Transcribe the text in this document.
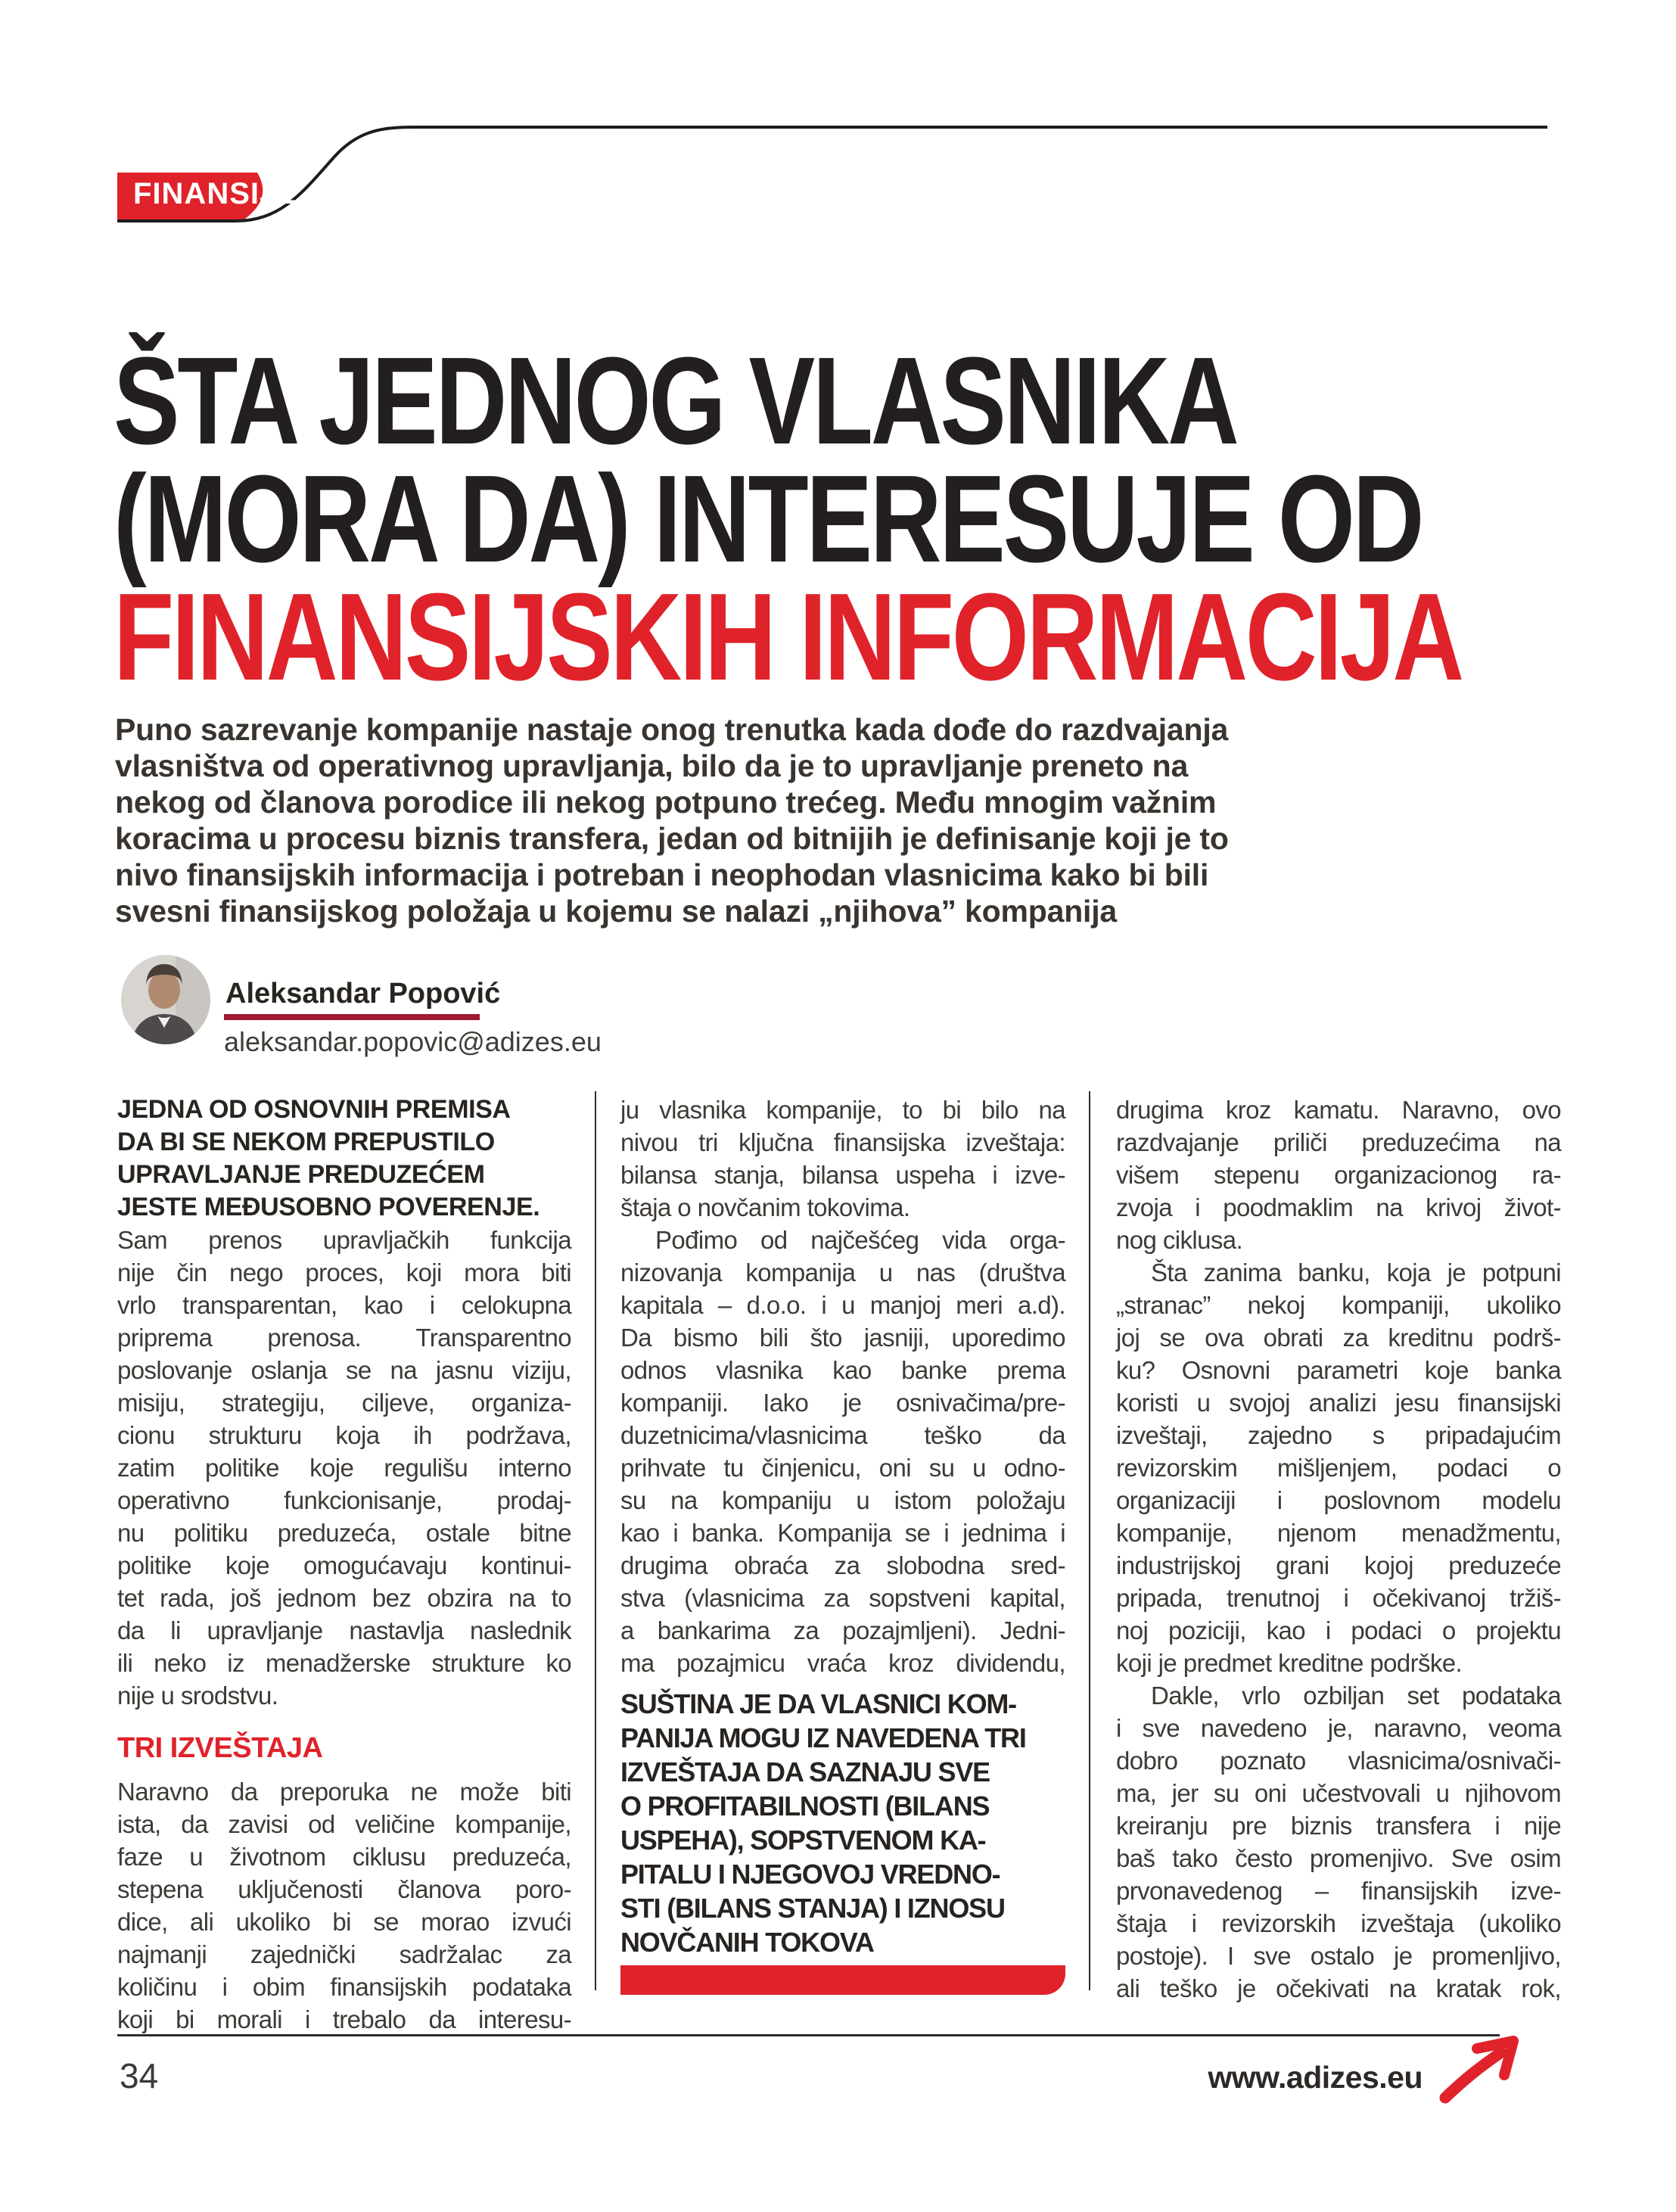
FINANSIJE
ŠTA JEDNOG VLASNIKA
(MORA DA) INTERESUJE OD
FINANSIJSKIH INFORMACIJA
Puno sazrevanje kompanije nastaje onog trenutka kada dođe do razdvajanja
vlasništva od operativnog upravljanja, bilo da je to upravljanje preneto na
nekog od članova porodice ili nekog potpuno trećeg. Među mnogim važnim
koracima u procesu biznis transfera, jedan od bitnijih je definisanje koji je to
nivo finansijskih informacija i potreban i neophodan vlasnicima kako bi bili
svesni finansijskog položaja u kojemu se nalazi „njihova” kompanija
Aleksandar Popović
aleksandar.popovic@adizes.eu
JEDNA OD OSNOVNIH PREMISA
DA BI SE NEKOM PREPUSTILO
UPRAVLJANJE PREDUZEĆEM
JESTE MEĐUSOBNO POVERENJE.
Sam prenos upravljačkih funkcija
nije čin nego proces, koji mora biti
vrlo transparentan, kao i celokupna
priprema prenosa. Transparentno
poslovanje oslanja se na jasnu viziju,
misiju, strategiju, ciljeve, organiza-
cionu strukturu koja ih podržava,
zatim politike koje regulišu interno
operativno funkcionisanje, prodaj-
nu politiku preduzeća, ostale bitne
politike koje omogućavaju kontinui-
tet rada, još jednom bez obzira na to
da li upravljanje nastavlja naslednik
ili neko iz menadžerske strukture ko
nije u srodstvu.
TRI IZVEŠTAJA
Naravno da preporuka ne može biti
ista, da zavisi od veličine kompanije,
faze u životnom ciklusu preduzeća,
stepena uključenosti članova poro-
dice, ali ukoliko bi se morao izvući
najmanji zajednički sadržalac za
količinu i obim finansijskih podataka
koji bi morali i trebalo da interesu-
ju vlasnika kompanije, to bi bilo na
nivou tri ključna finansijska izveštaja:
bilansa stanja, bilansa uspeha i izve-
štaja o novčanim tokovima.
Pođimo od najčešćeg vida orga-
nizovanja kompanija u nas (društva
kapitala – d.o.o. i u manjoj meri a.d).
Da bismo bili što jasniji, uporedimo
odnos vlasnika kao banke prema
kompaniji. Iako je osnivačima/pre-
duzetnicima/vlasnicima teško da
prihvate tu činjenicu, oni su u odno-
su na kompaniju u istom položaju
kao i banka. Kompanija se i jednima i
drugima obraća za slobodna sred-
stva (vlasnicima za sopstveni kapital,
a bankarima za pozajmljeni). Jedni-
ma pozajmicu vraća kroz dividendu,
SUŠTINA JE DA VLASNICI KOM-
PANIJA MOGU IZ NAVEDENA TRI
IZVEŠTAJA DA SAZNAJU SVE
O PROFITABILNOSTI (BILANS
USPEHA), SOPSTVENOM KA-
PITALU I NJEGOVOJ VREDNO-
STI (BILANS STANJA) I IZNOSU
NOVČANIH TOKOVA
drugima kroz kamatu. Naravno, ovo
razdvajanje priliči preduzećima na
višem stepenu organizacionog ra-
zvoja i poodmaklim na krivoj život-
nog ciklusa.
Šta zanima banku, koja je potpuni
„stranac” nekoj kompaniji, ukoliko
joj se ova obrati za kreditnu podrš-
ku? Osnovni parametri koje banka
koristi u svojoj analizi jesu finansijski
izveštaji, zajedno s pripadajućim
revizorskim mišljenjem, podaci o
organizaciji i poslovnom modelu
kompanije, njenom menadžmentu,
industrijskoj grani kojoj preduzeće
pripada, trenutnoj i očekivanoj tržiš-
noj poziciji, kao i podaci o projektu
koji je predmet kreditne podrške.
Dakle, vrlo ozbiljan set podataka
i sve navedeno je, naravno, veoma
dobro poznato vlasnicima/osnivači-
ma, jer su oni učestvovali u njihovom
kreiranju pre biznis transfera i nije
baš tako često promenjivo. Sve osim
prvonavedenog – finansijskih izve-
štaja i revizorskih izveštaja (ukoliko
postoje). I sve ostalo je promenljivo,
ali teško je očekivati na kratak rok,
34	www.adizes.eu
